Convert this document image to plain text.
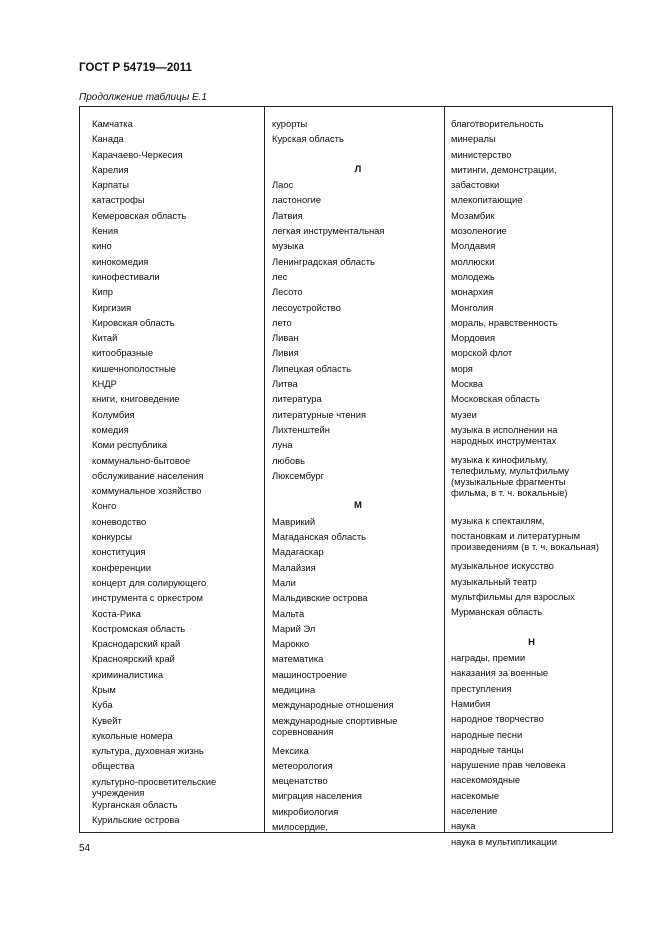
ГОСТ Р 54719—2011
Продолжение таблицы Е.1
Камчатка
Канада
Карачаево-Черкесия
Карелия
Карпаты
катастрофы
Кемеровская область
Кения
кино
кинокомедия
кинофестивали
Кипр
Киргизия
Кировская область
Китай
китообразные
кишечнополостные
КНДР
книги, книговедение
Колумбия
комедия
Коми республика
коммунально-бытовое
обслуживание населения
коммунальное хозяйство
Конго
коневодство
конкурсы
конституция
конференции
концерт для солирующего
инструмента с оркестром
Коста-Рика
Костромская область
Краснодарский край
Красноярский край
криминалистика
Крым
Куба
Кувейт
кукольные номера
культура, духовная жизнь
общества
культурно-просветительские
учреждения
Курганская область
Курильские острова
курорты
Курская область
Л
Лаос
ластоногие
Латвия
легкая инструментальная
музыка
Ленинградская область
лес
Лесото
лесоустройство
лето
Ливан
Ливия
Липецкая область
Литва
литература
литературные чтения
Лихтенштейн
луна
любовь
Люксембург
М
Маврикий
Магаданская область
Мадагаскар
Малайзия
Мали
Мальдивские острова
Мальта
Марий Эл
Марокко
математика
машиностроение
медицина
международные отношения
международные спортивные
соревнования
Мексика
метеорология
меценатство
миграция населения
микробиология
милосердие,
благотворительность
минералы
министерство
митинги, демонстрации,
забастовки
млекопитающие
Мозамбик
мозоленогие
Молдавия
моллюски
молодежь
монархия
Монголия
мораль, нравственность
Мордовия
морской флот
моря
Москва
Московская область
музеи
музыка в исполнении на
народных инструментах
музыка к кинофильму,
телефильму, мультфильму
(музыкальные фрагменты
фильма, в т. ч. вокальные)
музыка к спектаклям,
постановкам и литературным
произведениям (в т. ч. вокальная)
музыкальное искусство
музыкальный театр
мультфильмы для взрослых
Мурманская область
Н
награды, премии
наказания за военные
преступления
Намибия
народное творчество
народные песни
народные танцы
нарушение прав человека
насекомоядные
насекомые
население
наука
наука в мультипликации
54
